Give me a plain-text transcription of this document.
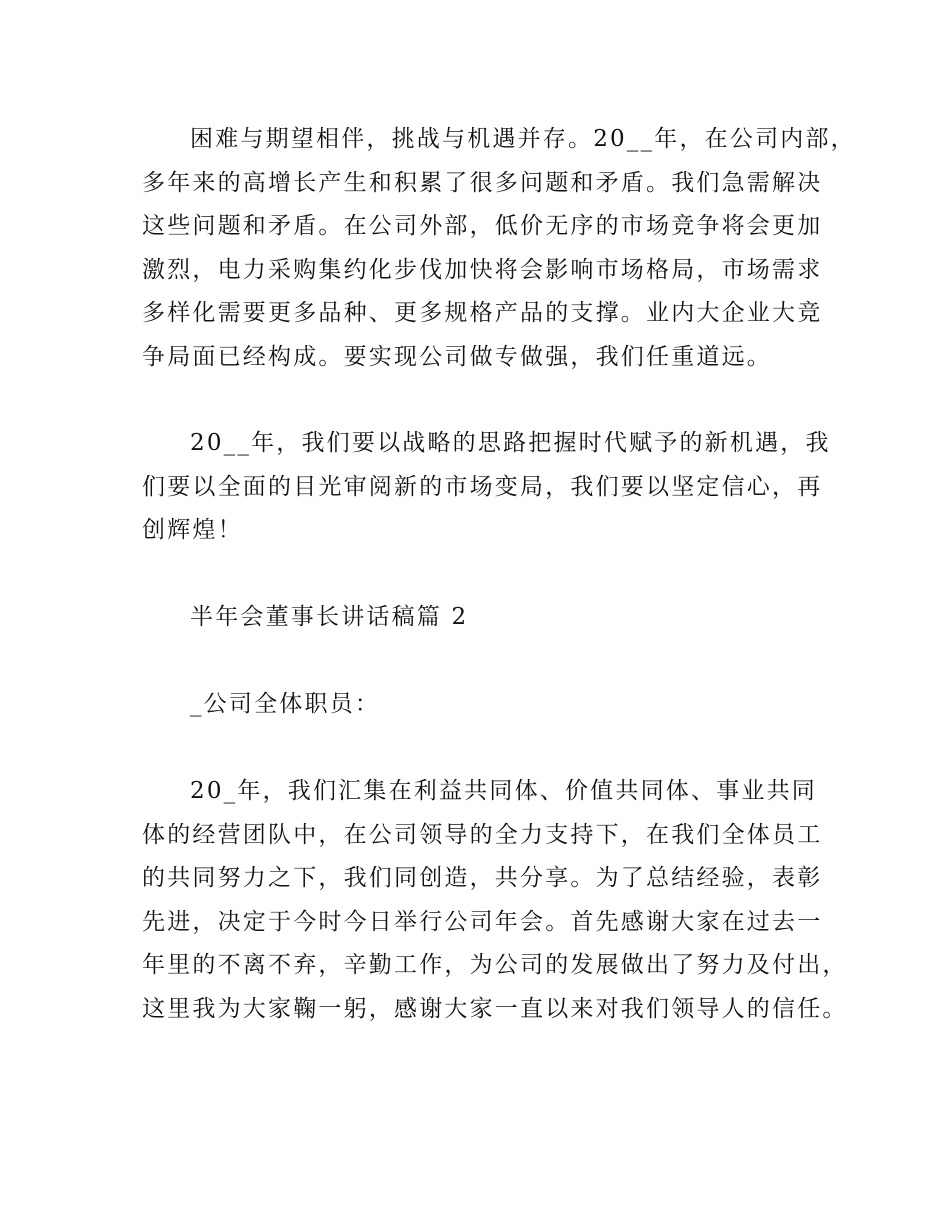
困难与期望相伴，挑战与机遇并存。20__年，在公司内部，

多年来的高增长产生和积累了很多问题和矛盾。我们急需解决

这些问题和矛盾。在公司外部，低价无序的市场竞争将会更加

激烈，电力采购集约化步伐加快将会影响市场格局，市场需求

多样化需要更多品种、更多规格产品的支撑。业内大企业大竞

争局面已经构成。要实现公司做专做强，我们任重道远。

20__年，我们要以战略的思路把握时代赋予的新机遇，我

们要以全面的目光审阅新的市场变局，我们要以坚定信心，再

创辉煌！

半年会董事长讲话稿篇 2

_公司全体职员：

20_年，我们汇集在利益共同体、价值共同体、事业共同

体的经营团队中，在公司领导的全力支持下，在我们全体员工

的共同努力之下，我们同创造，共分享。为了总结经验，表彰

先进，决定于今时今日举行公司年会。首先感谢大家在过去一

年里的不离不弃，辛勤工作，为公司的发展做出了努力及付出，

这里我为大家鞠一躬，感谢大家一直以来对我们领导人的信任。
